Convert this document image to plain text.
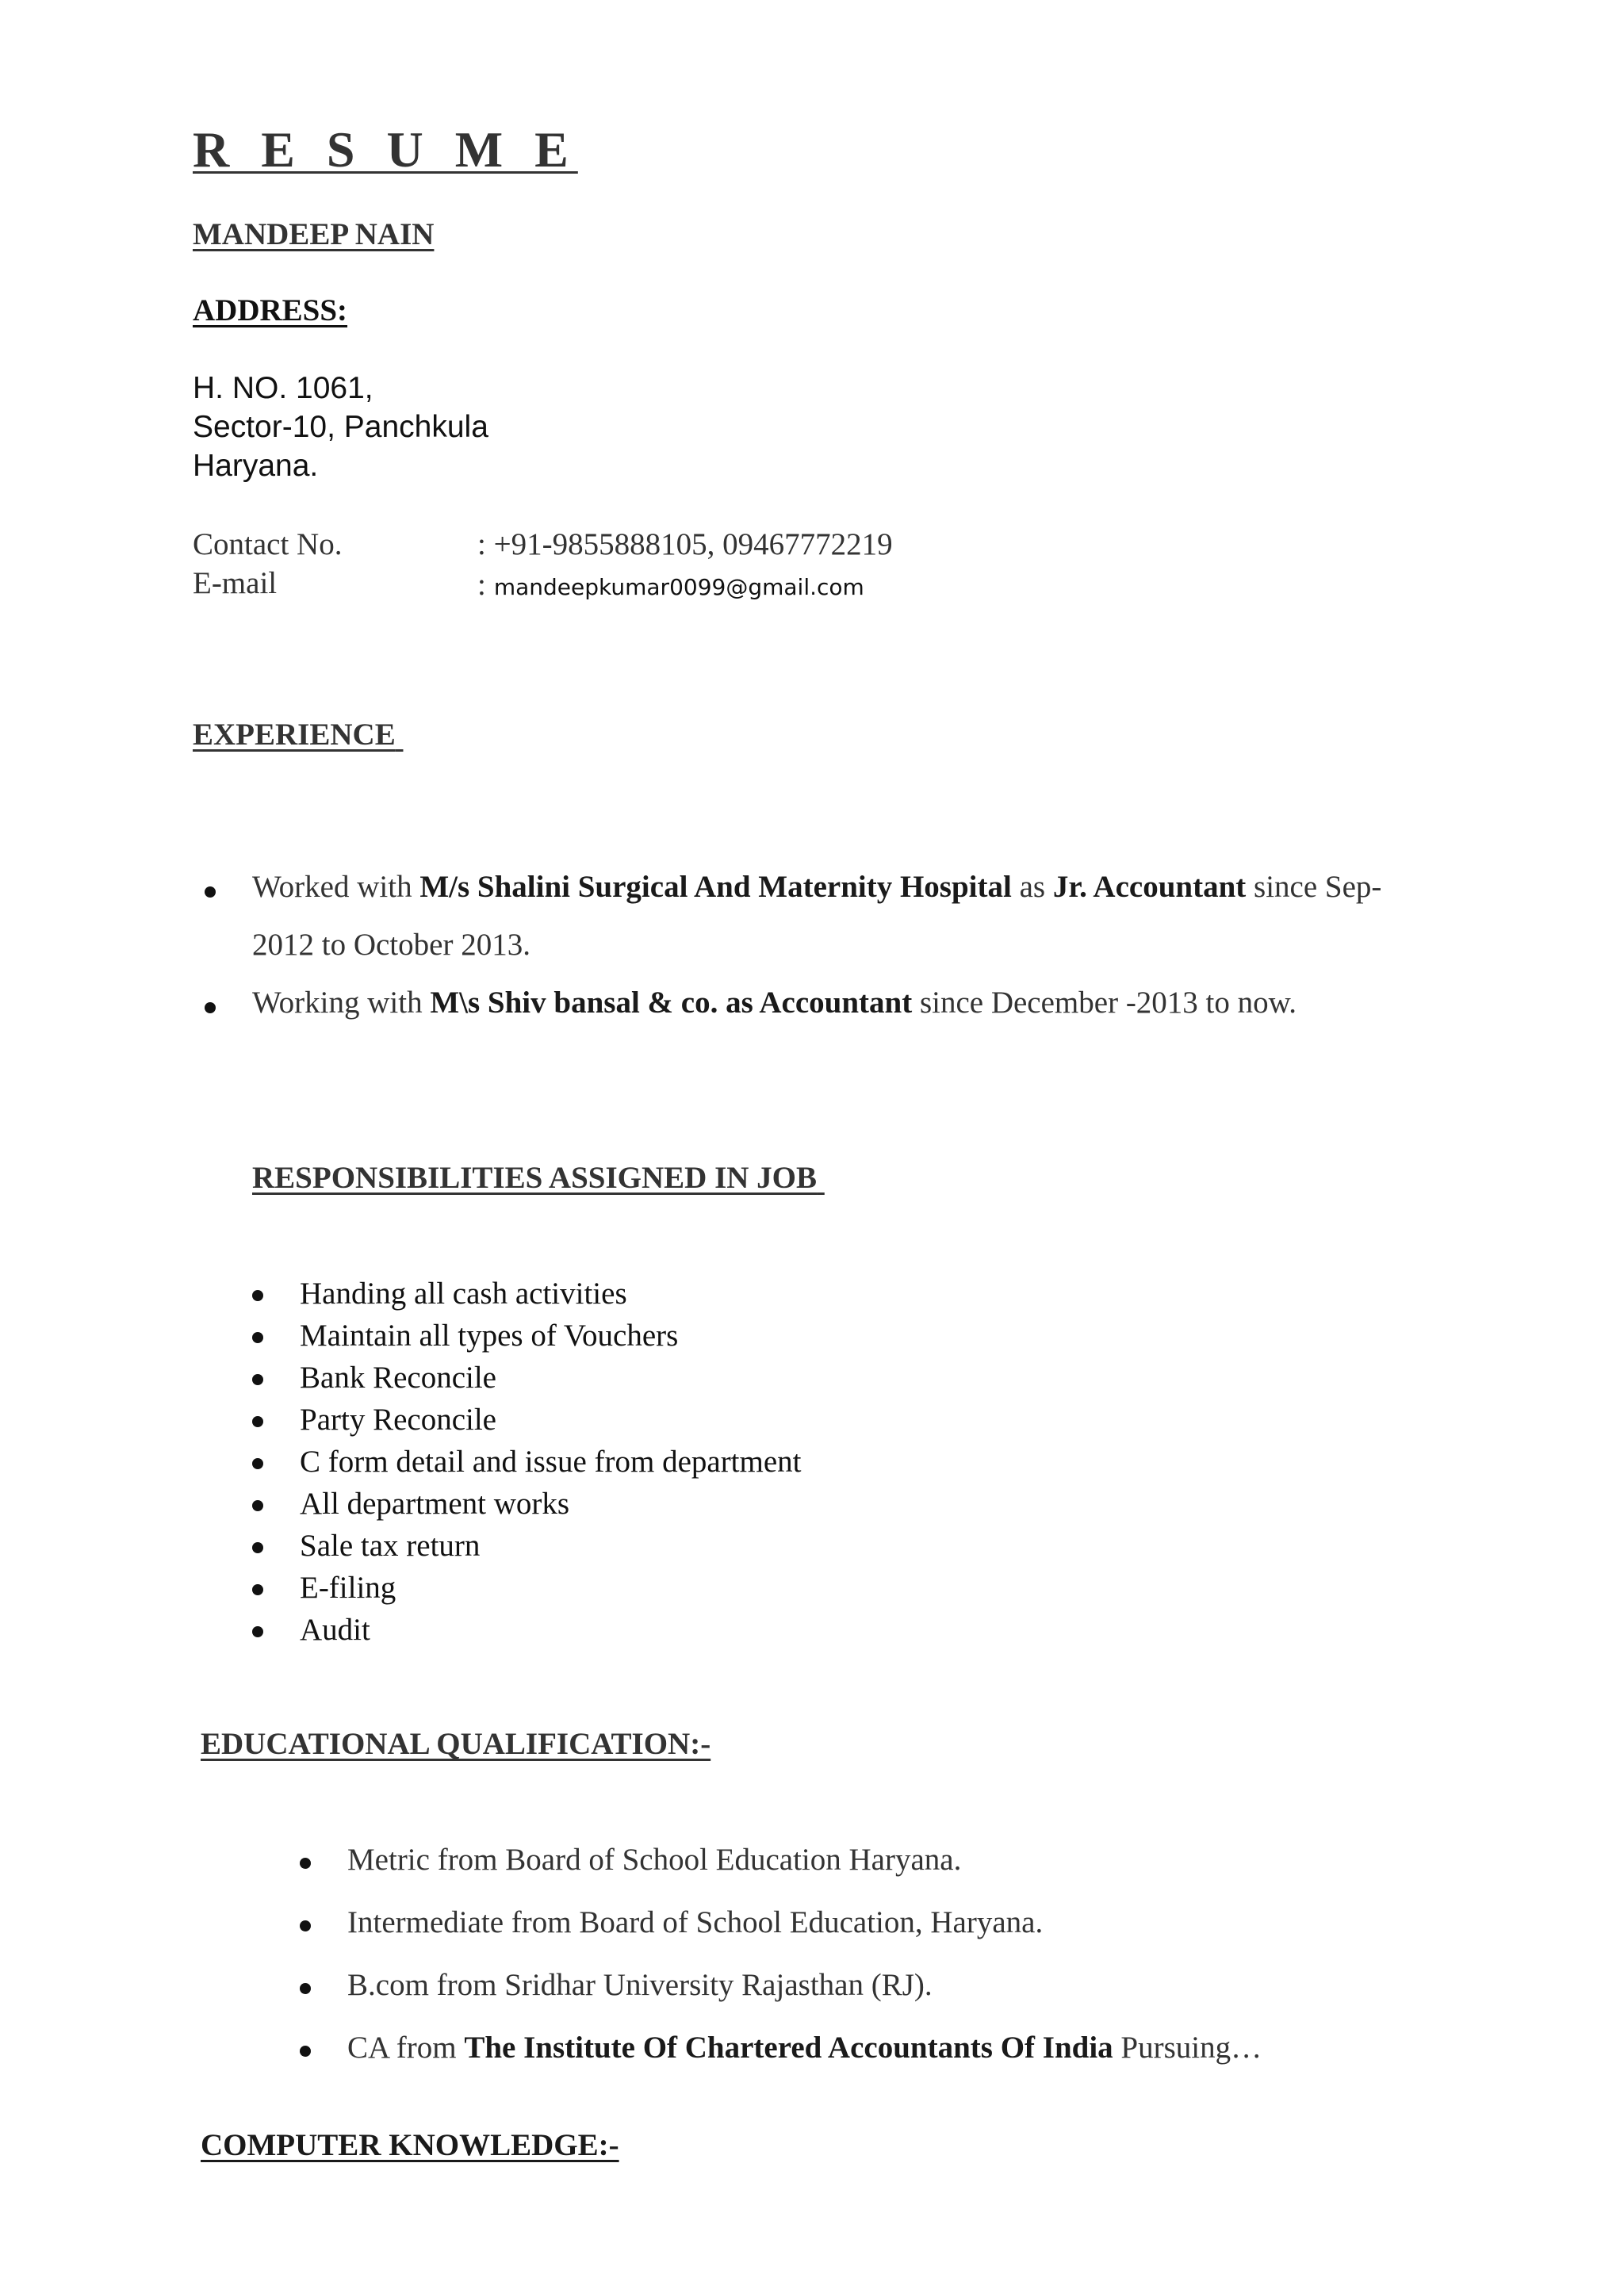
R E S U M E
MANDEEP NAIN
ADDRESS:
H. NO. 1061,
Sector-10, Panchkula
Haryana.
Contact No.	: +91-9855888105, 09467772219
E-mail	: mandeepkumar0099@gmail.com
EXPERIENCE
Worked with M/s Shalini Surgical And Maternity Hospital as Jr. Accountant since Sep-
2012 to October 2013.
Working with M\s Shiv bansal & co. as Accountant since December -2013 to now.
RESPONSIBILITIES ASSIGNED IN JOB
Handing all cash activities
Maintain all types of Vouchers
Bank Reconcile
Party Reconcile
C form detail and issue from department
All department works
Sale tax return
E-filing
Audit
EDUCATIONAL QUALIFICATION:-
Metric from Board of School Education Haryana.
Intermediate from Board of School Education, Haryana.
B.com from Sridhar University Rajasthan (RJ).
CA from The Institute Of Chartered Accountants Of India Pursuing…
COMPUTER KNOWLEDGE:-
